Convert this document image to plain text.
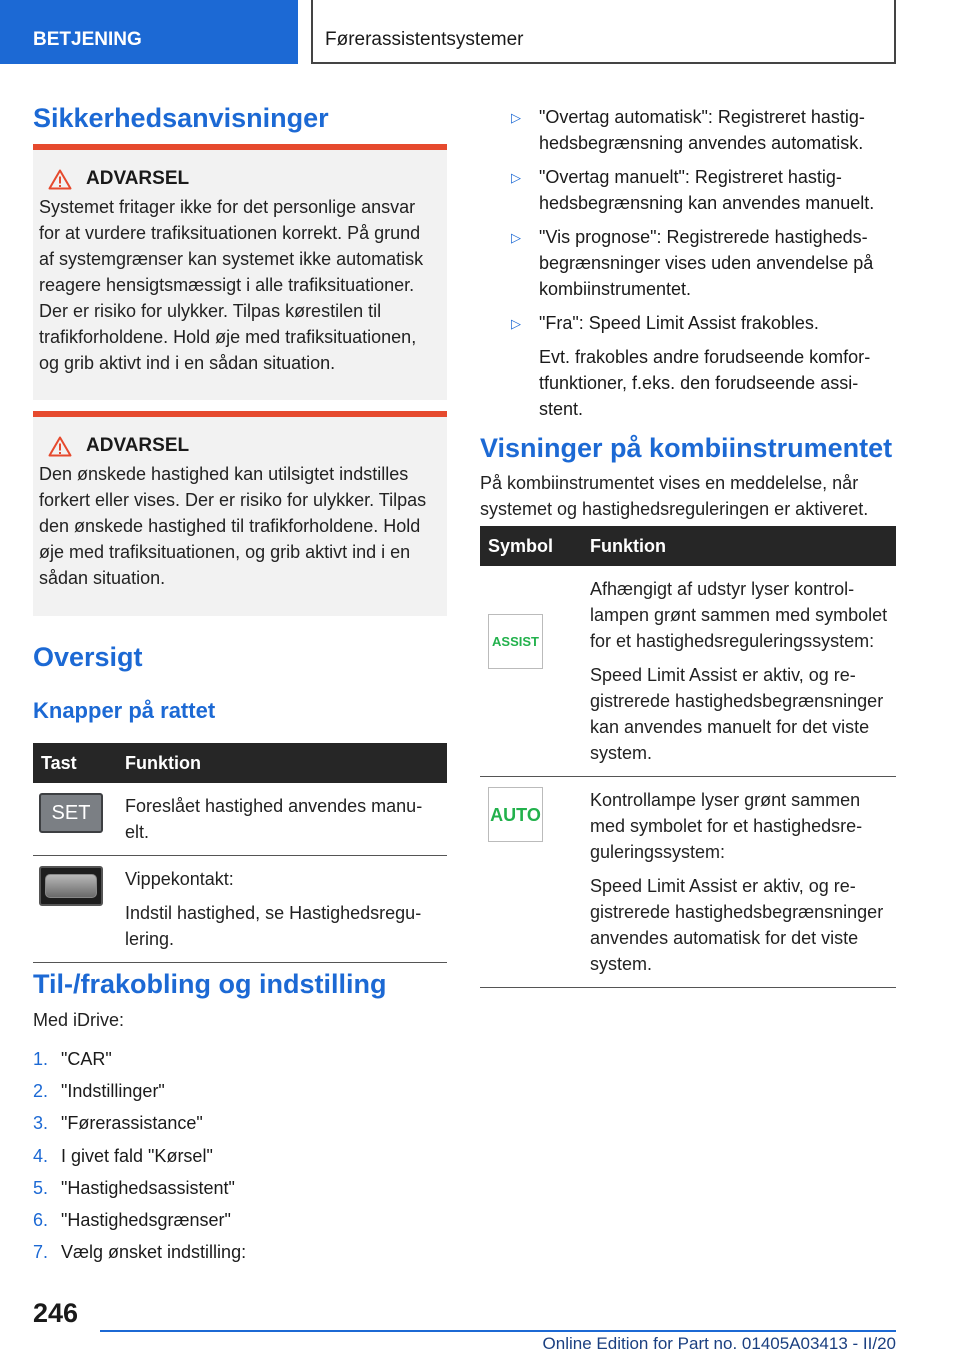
BETJENING	Førerassistentsystemer
Sikkerhedsanvisninger
ADVARSEL
Systemet fritager ikke for det personlige ansvar for at vurdere trafiksituationen korrekt. På grund af systemgrænser kan systemet ikke automatisk reagere hensigtsmæssigt i alle trafiksituationer. Der er risiko for ulykker. Tilpas kørestilen til trafikforholdene. Hold øje med trafiksituationen, og grib aktivt ind i en sådan situation.
ADVARSEL
Den ønskede hastighed kan utilsigtet indstilles forkert eller vises. Der er risiko for ulykker. Tilpas den ønskede hastighed til trafikforholdene. Hold øje med trafiksituationen, og grib aktivt ind i en sådan situation.
Oversigt
Knapper på rattet
Tast	Funktion

SET	Foreslået hastighed anvendes manuelt.

	Vippekontakt:

Indstil hastighed, se Hastighedsregulering.

Til-/frakobling og indstilling
Med iDrive:
1. "CAR"
2. "Indstillinger"
3. "Førerassistance"
4. I givet fald "Kørsel"
5. "Hastighedsassistent"
6. "Hastighedsgrænser"
7. Vælg ønsket indstilling:
▷	"Overtag automatisk": Registreret hastighedsbegrænsning anvendes automatisk.
▷	"Overtag manuelt": Registreret hastighedsbegrænsning kan anvendes manuelt.
▷	"Vis prognose": Registrerede hastighedsbegrænsninger vises uden anvendelse på kombiinstrumentet.
▷	"Fra": Speed Limit Assist frakobles.

Evt. frakobles andre forudseende komfortfunktioner, f.eks. den forudseende assistent.

Visninger på kombiinstrumentet
På kombiinstrumentet vises en meddelelse, når systemet og hastighedsreguleringen er aktiveret.
Symbol	Funktion

ASSIST	Afhængigt af udstyr lyser kontrollampen grønt sammen med symbolet for et hastighedsreguleringssystem:

Speed Limit Assist er aktiv, og registrerede hastighedsbegrænsninger kan anvendes manuelt for det viste system.

AUTO	Kontrollampe lyser grønt sammen med symbolet for et hastighedsreguleringssystem:

Speed Limit Assist er aktiv, og registrerede hastighedsbegrænsninger anvendes automatisk for det viste system.

246
Online Edition for Part no. 01405A03413 - II/20
